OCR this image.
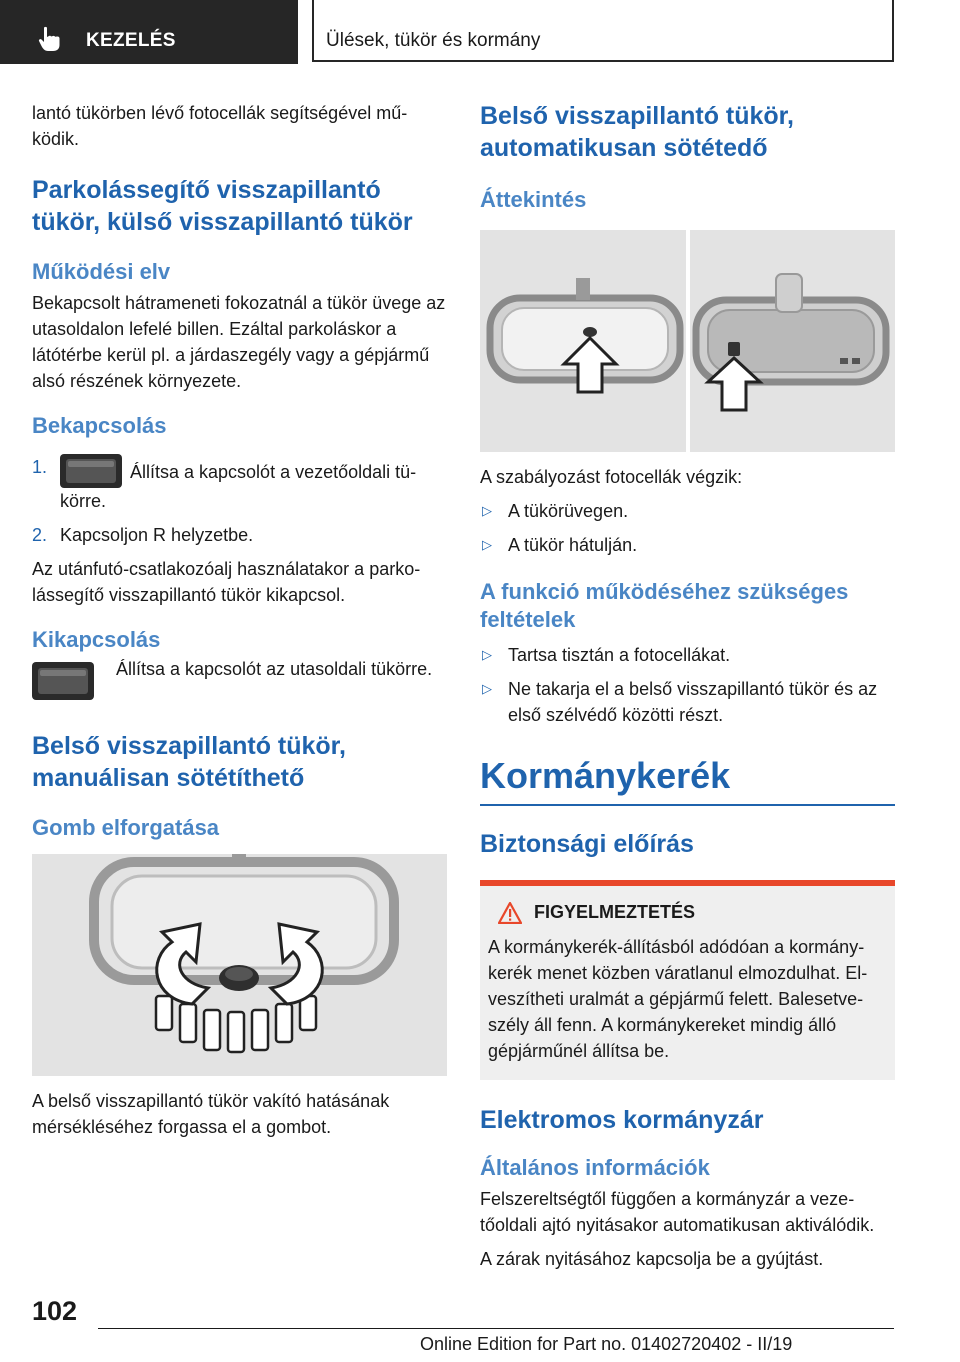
KEZELÉS	Ülések, tükör és kormány

lantó tükörben lévő fotocellák segítségével mű-ködik.

Parkolássegítő visszapillantó tükör, külső visszapillantó tükör
Működési elv

Bekapcsolt hátrameneti fokozatnál a tükör üvege az utasoldalon lefelé billen. Ezáltal parkoláskor a látótérbe kerül pl. a járdaszegély vagy a gépjármű alsó részének környezete.

Bekapcsolás
1.	Állítsa a kapcsolót a vezetőoldali tü-körre.
2. Kapcsoljon R helyzetbe.

Az utánfutó-csatlakozóalj használatakor a parko-lássegítő visszapillantó tükör kikapcsol.

Kikapcsolás

Állítsa a kapcsolót az utasoldali tükörre.

Belső visszapillantó tükör, manuálisan sötétíthető
Gomb elforgatása

A belső visszapillantó tükör vakító hatásának mérsékléséhez forgassa el a gombot.

Belső visszapillantó tükör, automatikusan sötétedő
Áttekintés

A szabályozást fotocellák végzik:

▷ A tükörüvegen.
▷ A tükör hátulján.
A funkció működéséhez szükséges feltételek
▷ Tartsa tisztán a fotocellákat.
▷ Ne takarja el a belső visszapillantó tükör és az első szélvédő közötti részt.
Kormánykerék
Biztonsági előírás
FIGYELMEZTETÉS

A kormánykerék-állításból adódóan a kormány-kerék menet közben váratlanul elmozdulhat. El-veszítheti uralmát a gépjármű felett. Balesetve-szély áll fenn. A kormánykereket mindig álló gépjárműnél állítsa be.

Elektromos kormányzár
Általános információk

Felszereltségtől függően a kormányzár a veze-tőoldali ajtó nyitásakor automatikusan aktiválódik.

A zárak nyitásához kapcsolja be a gyújtást.

102
Online Edition for Part no. 01402720402 - II/19
